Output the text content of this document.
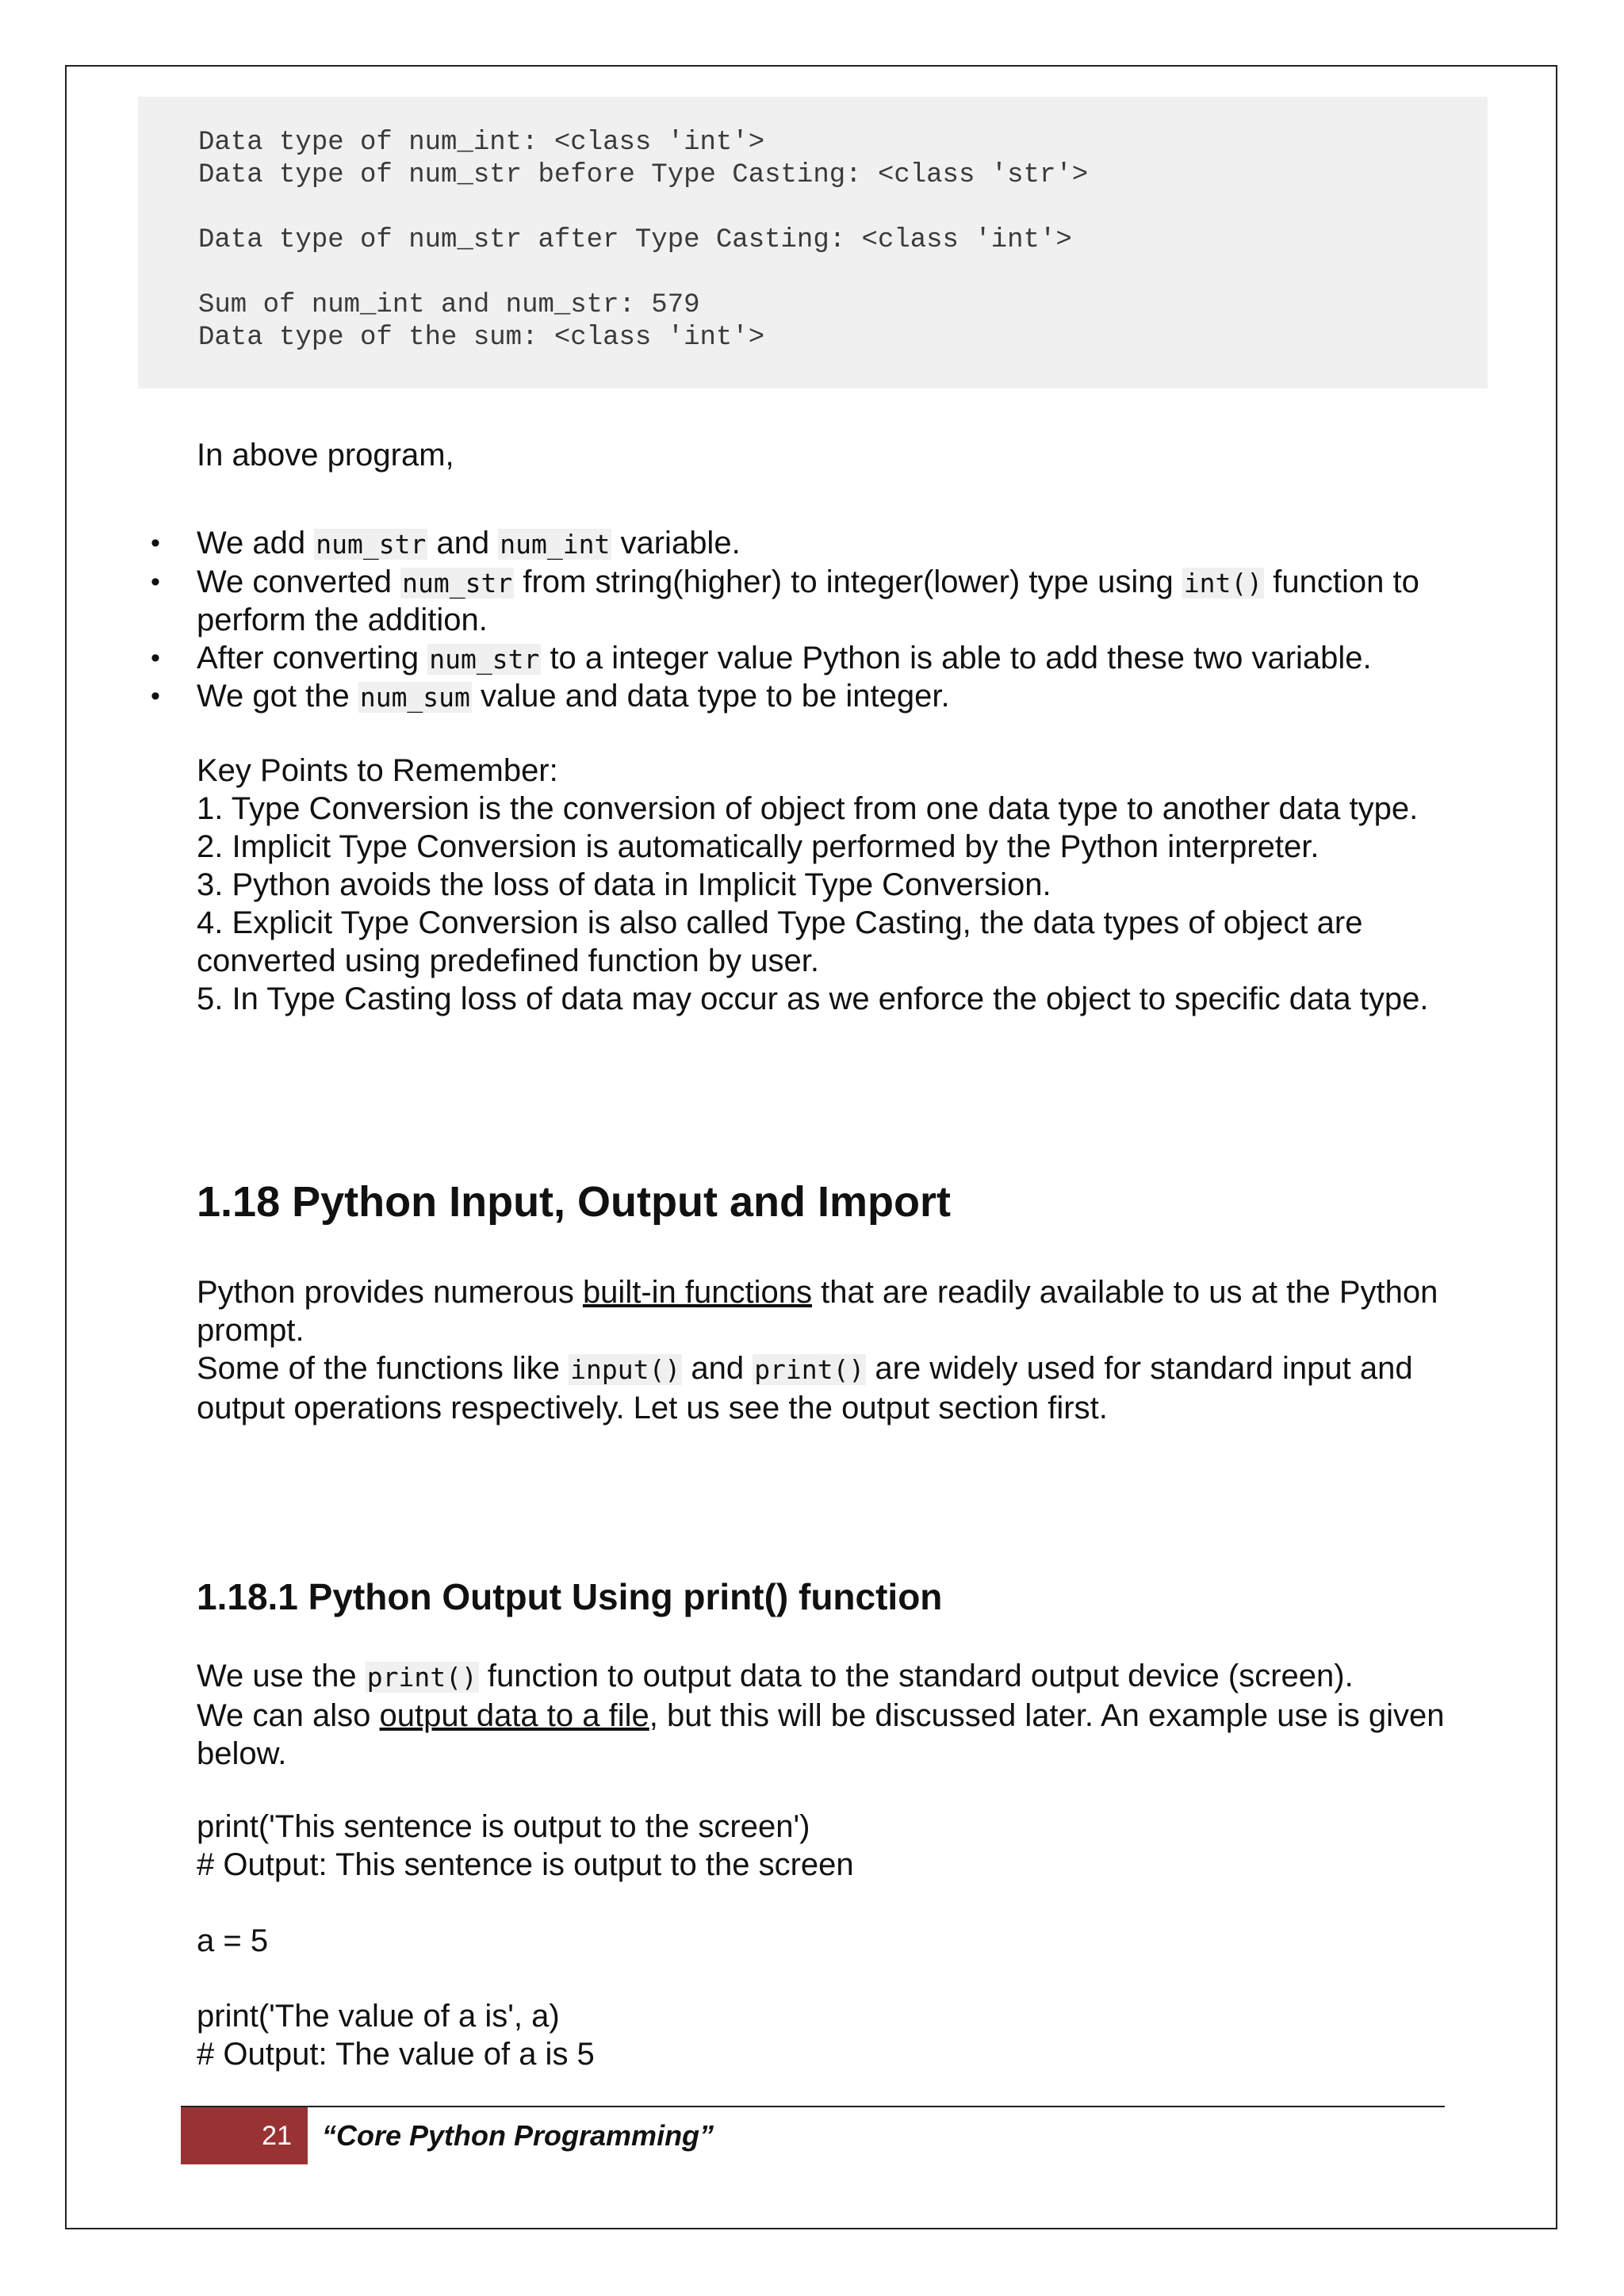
Data type of num_int: <class 'int'>
Data type of num_str before Type Casting: <class 'str'>
Data type of num_str after Type Casting: <class 'int'>
Sum of num_int and num_str: 579
Data type of the sum: <class 'int'>
In above program,
• We add num_str and num_int variable.
• We converted num_str from string(higher) to integer(lower) type using int() function to perform the addition.
• After converting num_str to a integer value Python is able to add these two variable.
• We got the num_sum value and data type to be integer.
Key Points to Remember:
1. Type Conversion is the conversion of object from one data type to another data type.
2. Implicit Type Conversion is automatically performed by the Python interpreter.
3. Python avoids the loss of data in Implicit Type Conversion.
4. Explicit Type Conversion is also called Type Casting, the data types of object are converted using predefined function by user.
5. In Type Casting loss of data may occur as we enforce the object to specific data type.
1.18 Python Input, Output and Import
Python provides numerous built-in functions that are readily available to us at the Python prompt.
Some of the functions like input() and print() are widely used for standard input and output operations respectively. Let us see the output section first.
1.18.1 Python Output Using print() function
We use the print() function to output data to the standard output device (screen).
We can also output data to a file, but this will be discussed later. An example use is given below.
print('This sentence is output to the screen')
# Output: This sentence is output to the screen
a = 5
print('The value of a is', a)
# Output: The value of a is 5
21	“Core Python Programming”
